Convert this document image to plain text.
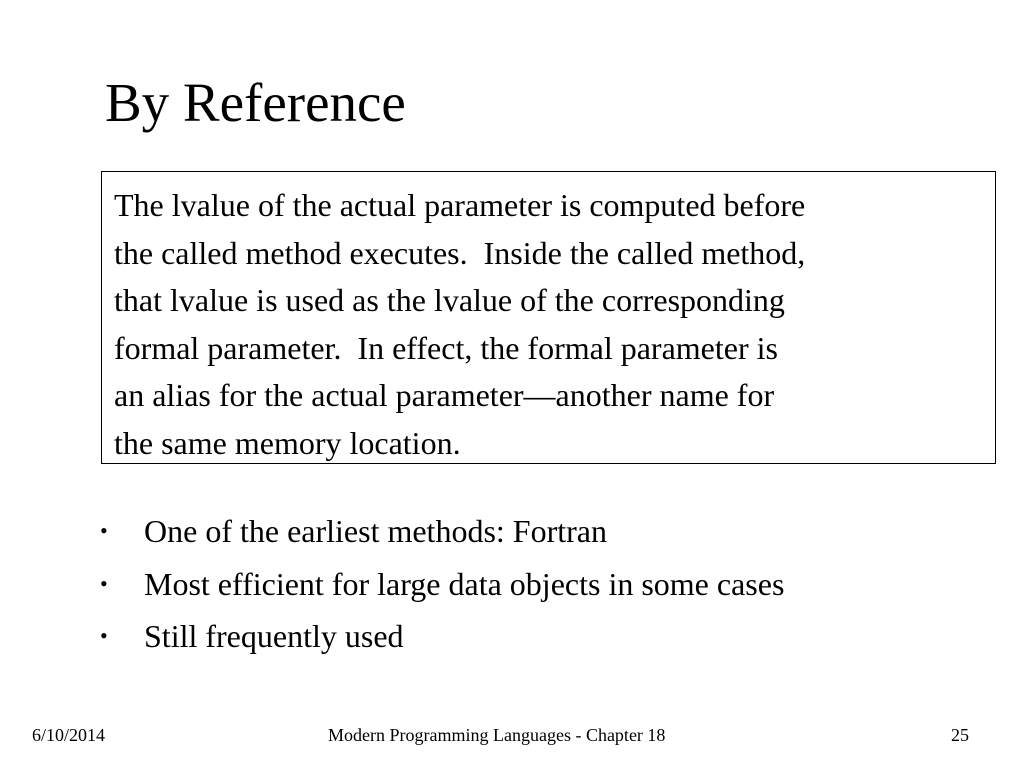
By Reference
The lvalue of the actual parameter is computed before
the called method executes.  Inside the called method,
that lvalue is used as the lvalue of the corresponding
formal parameter.  In effect, the formal parameter is
an alias for the actual parameter—another name for
the same memory location.
• One of the earliest methods: Fortran
• Most efficient for large data objects in some cases
• Still frequently used
6/10/2014	Modern Programming Languages - Chapter 18	25
